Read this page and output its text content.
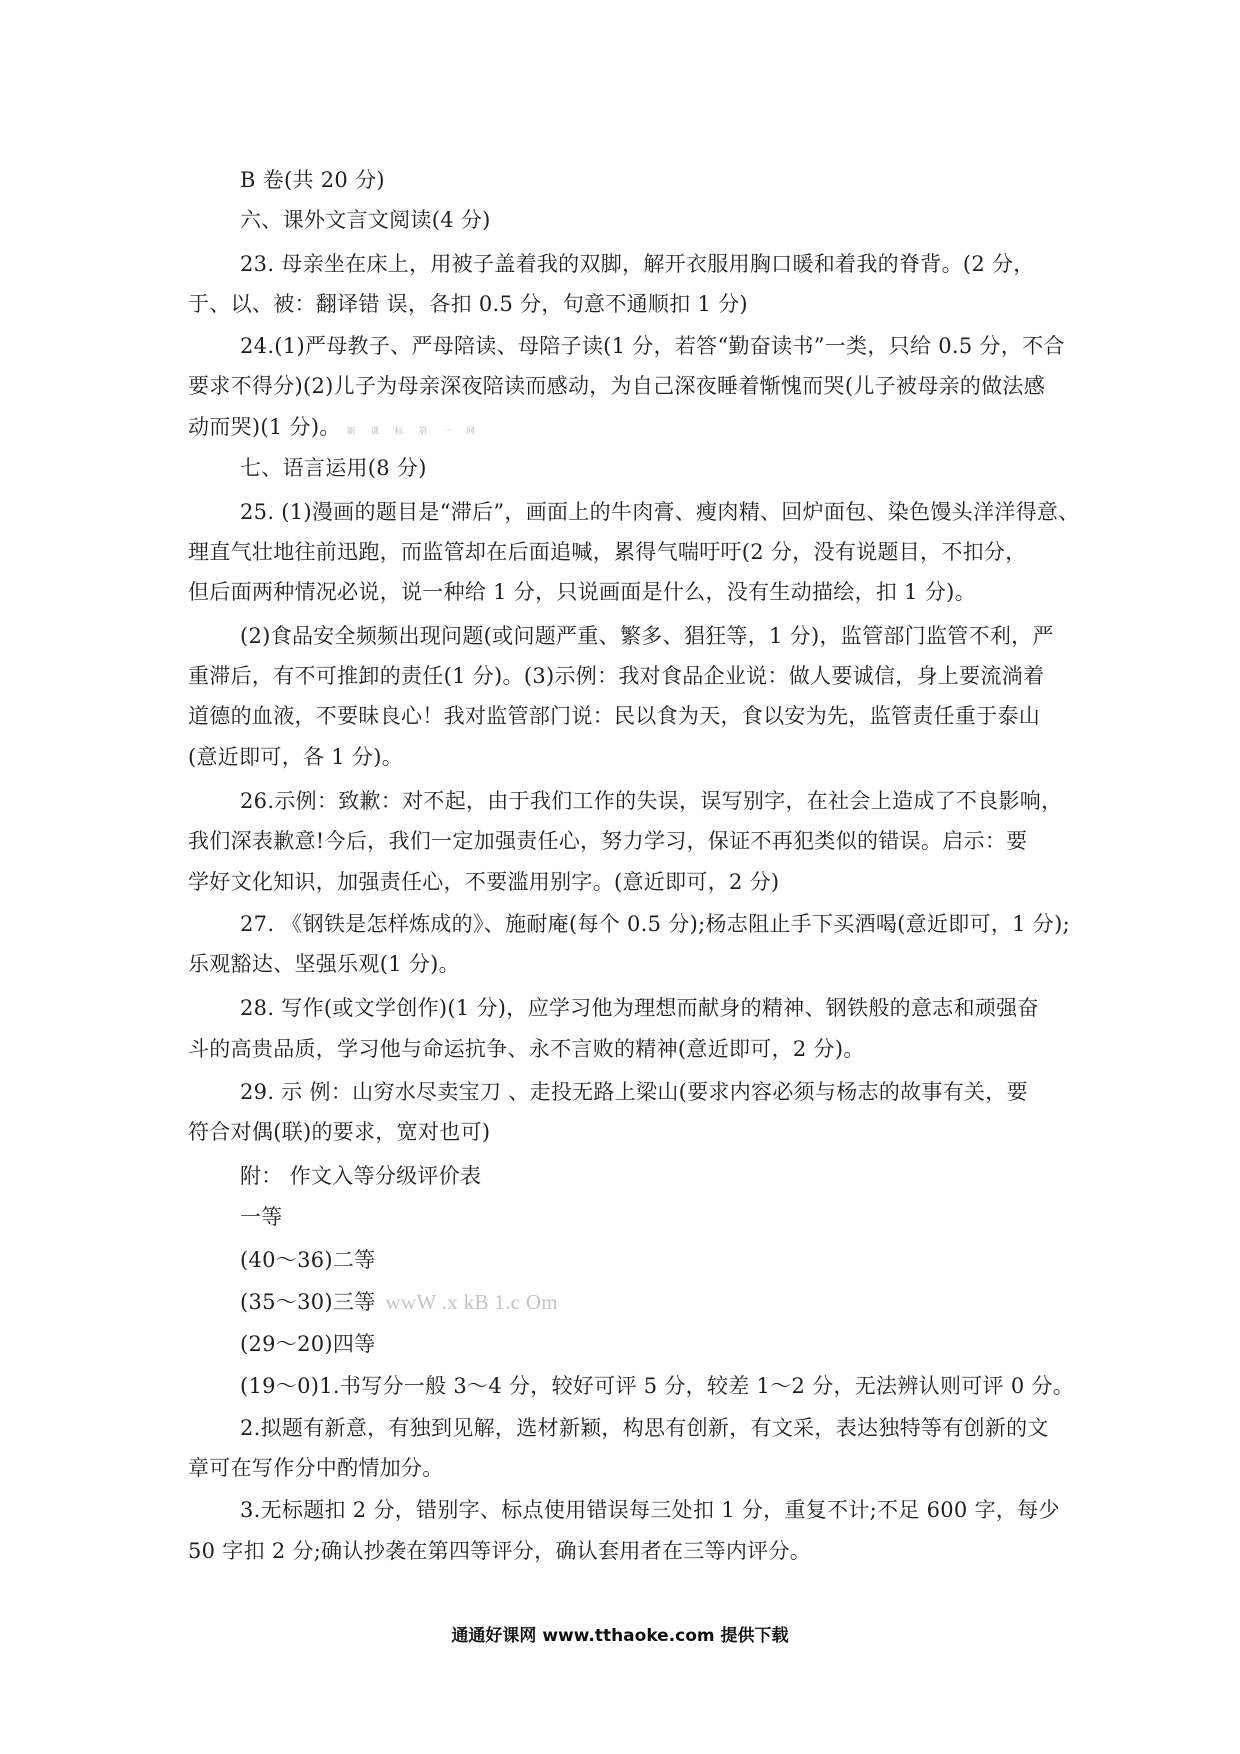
B 卷(共 20 分)
六、课外文言文阅读(4 分)
23. 母亲坐在床上，用被子盖着我的双脚，解开衣服用胸口暖和着我的脊背。(2 分，
于、以、被：翻译错 误，各扣 0.5 分，句意不通顺扣 1 分)
24.(1)严母教子、严母陪读、母陪子读(1 分，若答“勤奋读书”一类，只给 0.5 分，不合
要求不得分)(2)儿子为母亲深夜陪读而感动，为自己深夜睡着惭愧而哭(儿子被母亲的做法感
动而哭)(1 分)。 新 课 标 第 一 网
七、语言运用(8 分)
25. (1)漫画的题目是“滞后”，画面上的牛肉膏、瘦肉精、回炉面包、染色馒头洋洋得意、
理直气壮地往前迅跑，而监管却在后面追喊，累得气喘吁吁(2 分，没有说题目，不扣分，
但后面两种情况必说，说一种给 1 分，只说画面是什么，没有生动描绘，扣 1 分)。
(2)食品安全频频出现问题(或问题严重、繁多、猖狂等，1 分)，监管部门监管不利，严
重滞后，有不可推卸的责任(1 分)。(3)示例：我对食品企业说：做人要诚信，身上要流淌着
道德的血液，不要昧良心！我对监管部门说：民以食为天，食以安为先，监管责任重于泰山
(意近即可，各 1 分)。
26.示例：致歉：对不起，由于我们工作的失误，误写别字，在社会上造成了不良影响，
我们深表歉意!今后，我们一定加强责任心，努力学习，保证不再犯类似的错误。启示：要
学好文化知识，加强责任心，不要滥用别字。(意近即可，2 分)
27. 《钢铁是怎样炼成的》、施耐庵(每个 0.5 分);杨志阻止手下买酒喝(意近即可，1 分);
乐观豁达、坚强乐观(1 分)。
28. 写作(或文学创作)(1 分)，应学习他为理想而献身的精神、钢铁般的意志和顽强奋
斗的高贵品质，学习他与命运抗争、永不言败的精神(意近即可，2 分)。
29. 示 例：山穷水尽卖宝刀 、走投无路上梁山(要求内容必须与杨志的故事有关，要
符合对偶(联)的要求，宽对也可)
附： 作文入等分级评价表
一等
(40～36)二等
(35～30)三等 wwW .x kB 1.c Om
(29～20)四等
(19～0)1.书写分一般 3～4 分，较好可评 5 分，较差 1～2 分，无法辨认则可评 0 分。
2.拟题有新意，有独到见解，选材新颖，构思有创新，有文采，表达独特等有创新的文
章可在写作分中酌情加分。
3.无标题扣 2 分，错别字、标点使用错误每三处扣 1 分，重复不计;不足 600 字，每少
50 字扣 2 分;确认抄袭在第四等评分，确认套用者在三等内评分。
通通好课网 www.tthaoke.com 提供下载
